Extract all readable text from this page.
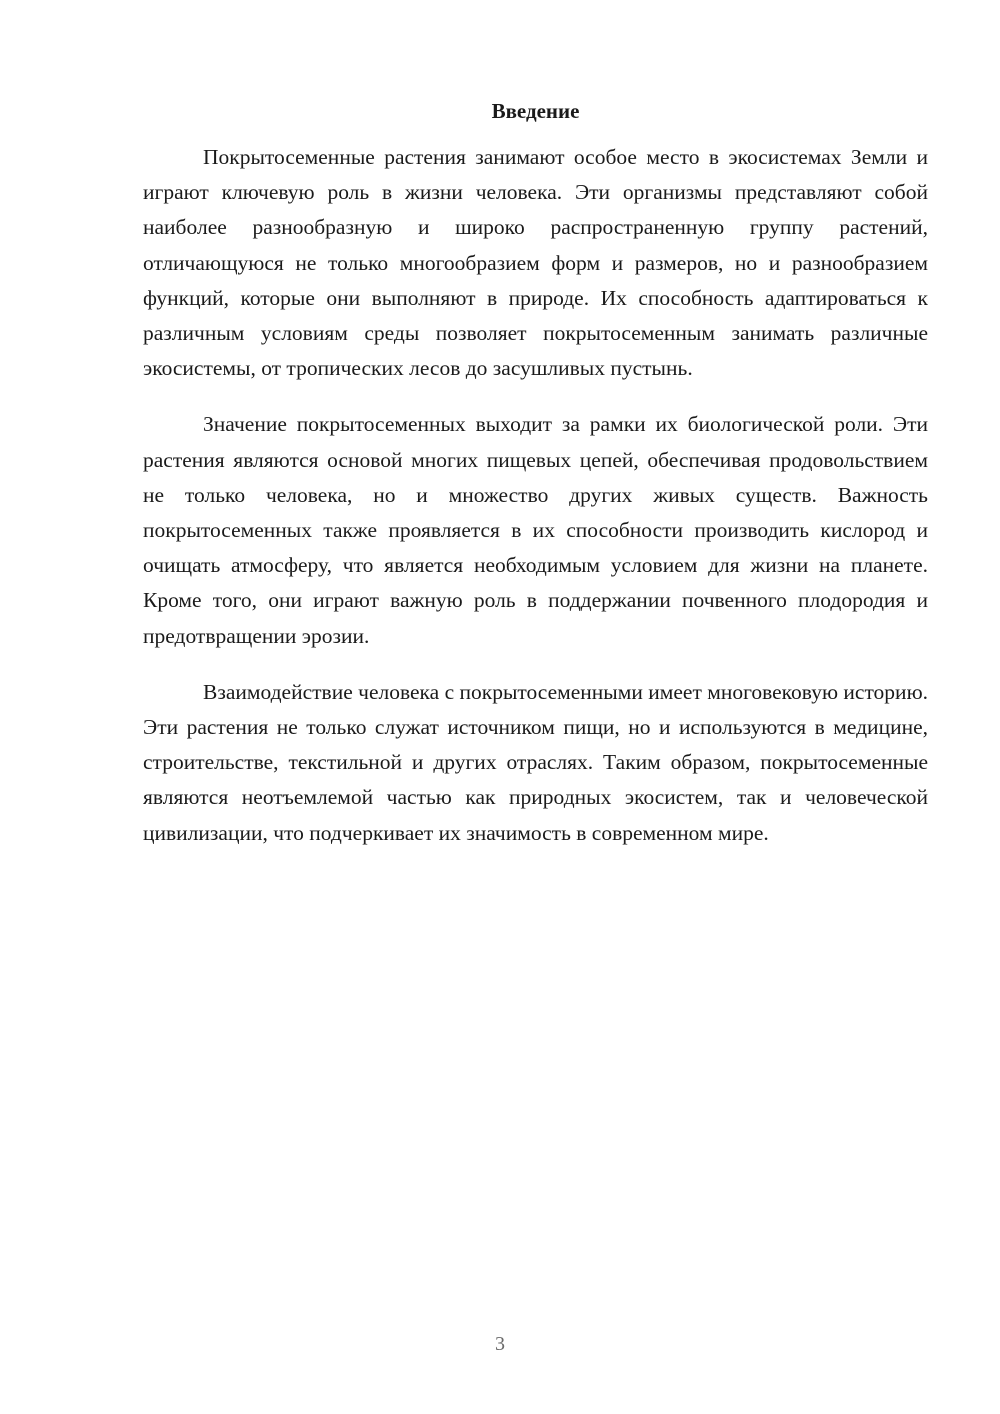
Введение

Покрытосеменные растения занимают особое место в экосистемах Земли и играют ключевую роль в жизни человека. Эти организмы представляют собой наиболее разнообразную и широко распространенную группу растений, отличающуюся не только многообразием форм и размеров, но и разнообразием функций, которые они выполняют в природе. Их способность адаптироваться к различным условиям среды позволяет покрытосеменным занимать различные экосистемы, от тропических лесов до засушливых пустынь.

Значение покрытосеменных выходит за рамки их биологической роли. Эти растения являются основой многих пищевых цепей, обеспечивая продовольствием не только человека, но и множество других живых существ. Важность покрытосеменных также проявляется в их способности производить кислород и очищать атмосферу, что является необходимым условием для жизни на планете. Кроме того, они играют важную роль в поддержании почвенного плодородия и предотвращении эрозии.

Взаимодействие человека с покрытосеменными имеет многовековую историю. Эти растения не только служат источником пищи, но и используются в медицине, строительстве, текстильной и других отраслях. Таким образом, покрытосеменные являются неотъемлемой частью как природных экосистем, так и человеческой цивилизации, что подчеркивает их значимость в современном мире.

3
